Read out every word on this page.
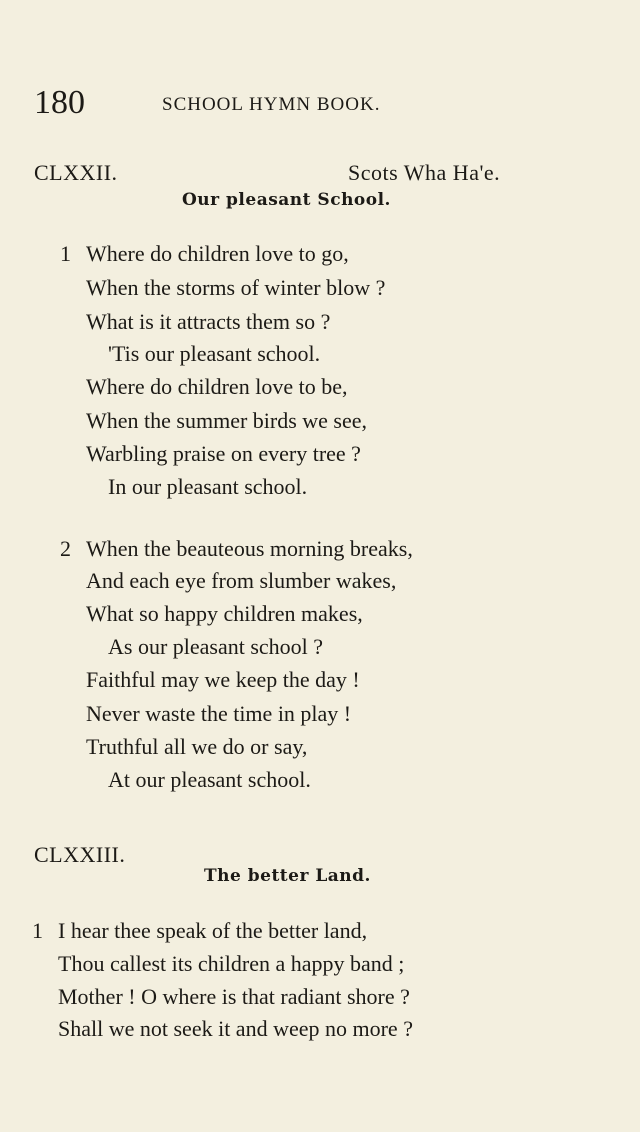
180	SCHOOL HYMN BOOK.
CLXXII.	Scots Wha Ha'e.
Our pleasant School.
1 Where do children love to go,
When the storms of winter blow ?
What is it attracts them so ?
'Tis our pleasant school.
Where do children love to be,
When the summer birds we see,
Warbling praise on every tree ?
In our pleasant school.
2 When the beauteous morning breaks,
And each eye from slumber wakes,
What so happy children makes,
As our pleasant school ?
Faithful may we keep the day !
Never waste the time in play !
Truthful all we do or say,
At our pleasant school.
CLXXIII.
The better Land.
1 I hear thee speak of the better land,
Thou callest its children a happy band ;
Mother ! O where is that radiant shore ?
Shall we not seek it and weep no more ?
